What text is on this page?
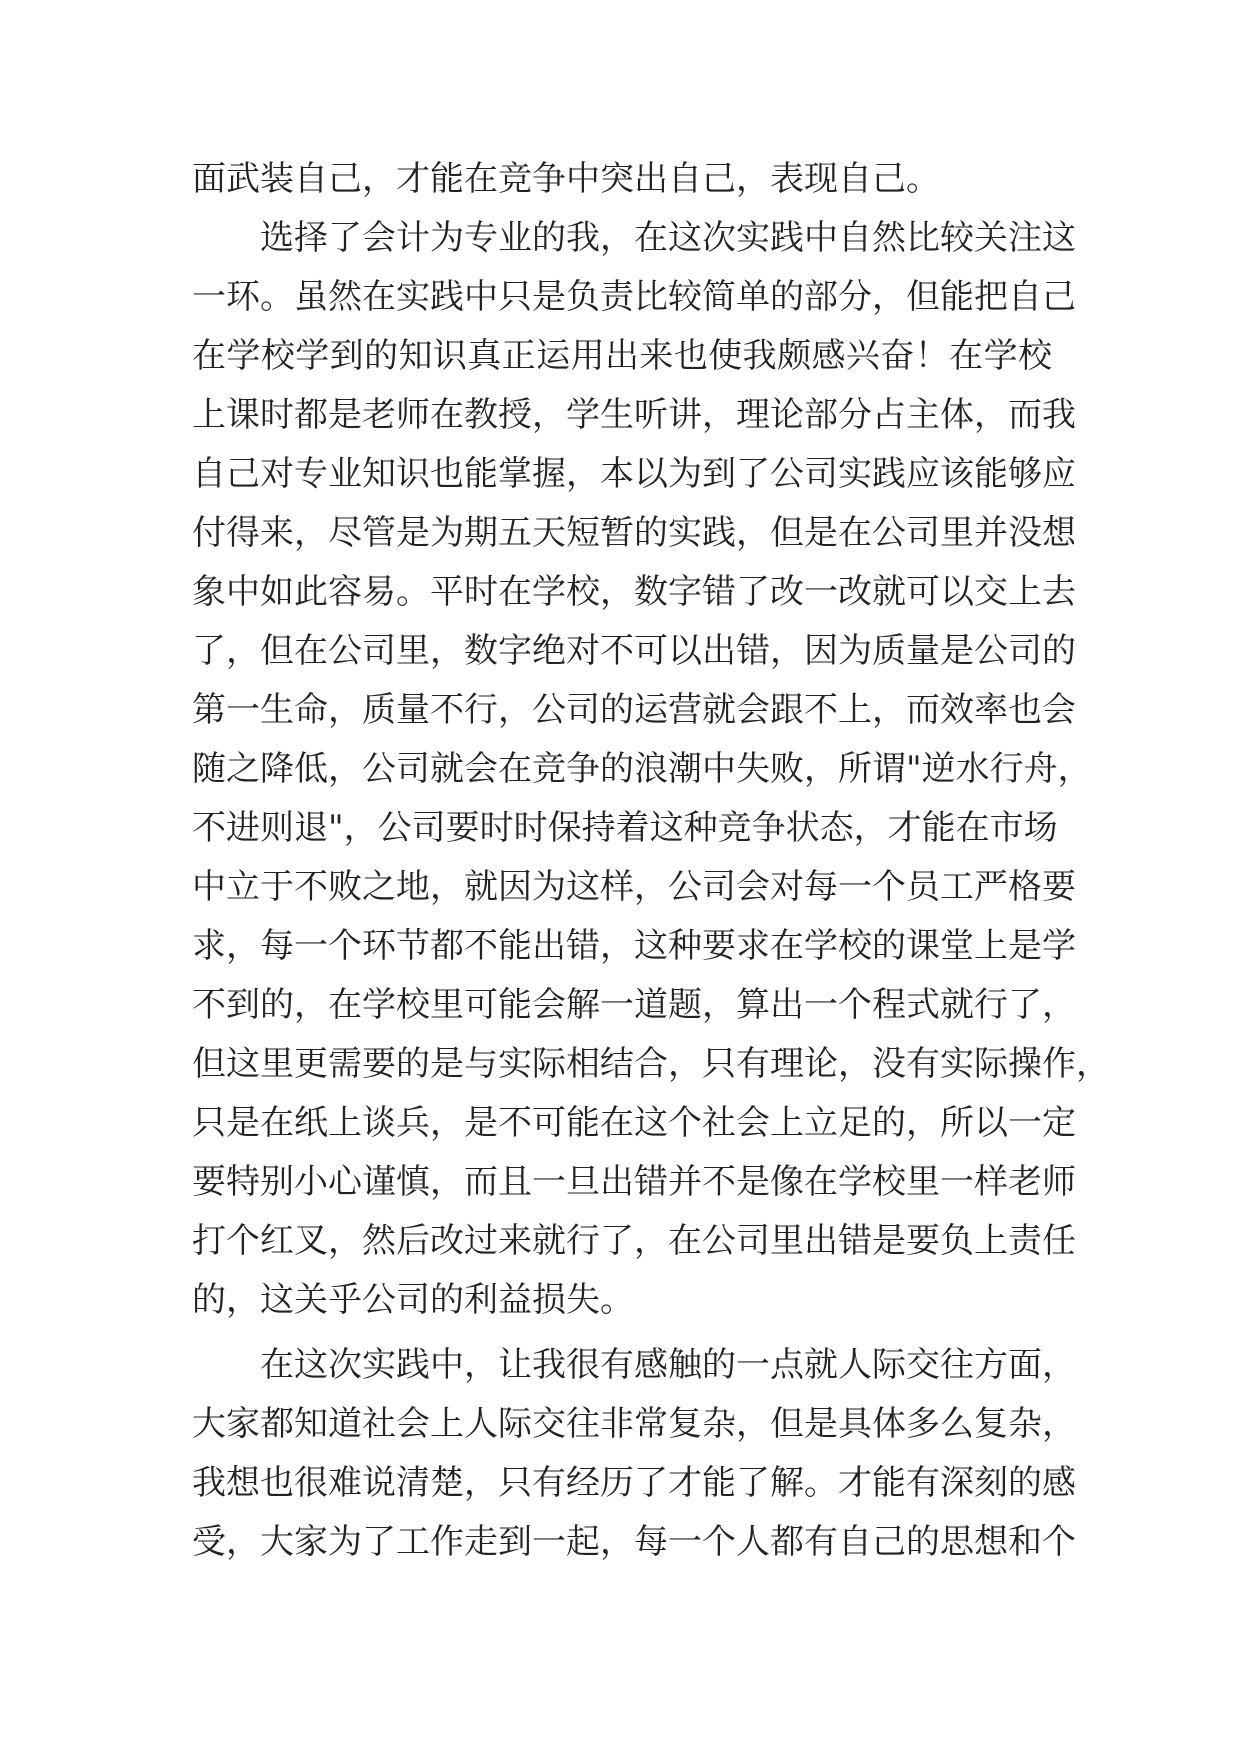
面武装自己，才能在竞争中突出自己，表现自己。
选择了会计为专业的我，在这次实践中自然比较关注这
一环。虽然在实践中只是负责比较简单的部分，但能把自己
在学校学到的知识真正运用出来也使我颇感兴奋！在学校
上课时都是老师在教授，学生听讲，理论部分占主体，而我
自己对专业知识也能掌握，本以为到了公司实践应该能够应
付得来，尽管是为期五天短暂的实践，但是在公司里并没想
象中如此容易。平时在学校，数字错了改一改就可以交上去
了，但在公司里，数字绝对不可以出错，因为质量是公司的
第一生命，质量不行，公司的运营就会跟不上，而效率也会
随之降低，公司就会在竞争的浪潮中失败，所谓"逆水行舟，
不进则退"，公司要时时保持着这种竞争状态，才能在市场
中立于不败之地，就因为这样，公司会对每一个员工严格要
求，每一个环节都不能出错，这种要求在学校的课堂上是学
不到的，在学校里可能会解一道题，算出一个程式就行了，
但这里更需要的是与实际相结合，只有理论，没有实际操作，
只是在纸上谈兵，是不可能在这个社会上立足的，所以一定
要特别小心谨慎，而且一旦出错并不是像在学校里一样老师
打个红叉，然后改过来就行了，在公司里出错是要负上责任
的，这关乎公司的利益损失。
在这次实践中，让我很有感触的一点就人际交往方面，
大家都知道社会上人际交往非常复杂，但是具体多么复杂，
我想也很难说清楚，只有经历了才能了解。才能有深刻的感
受，大家为了工作走到一起，每一个人都有自己的思想和个
